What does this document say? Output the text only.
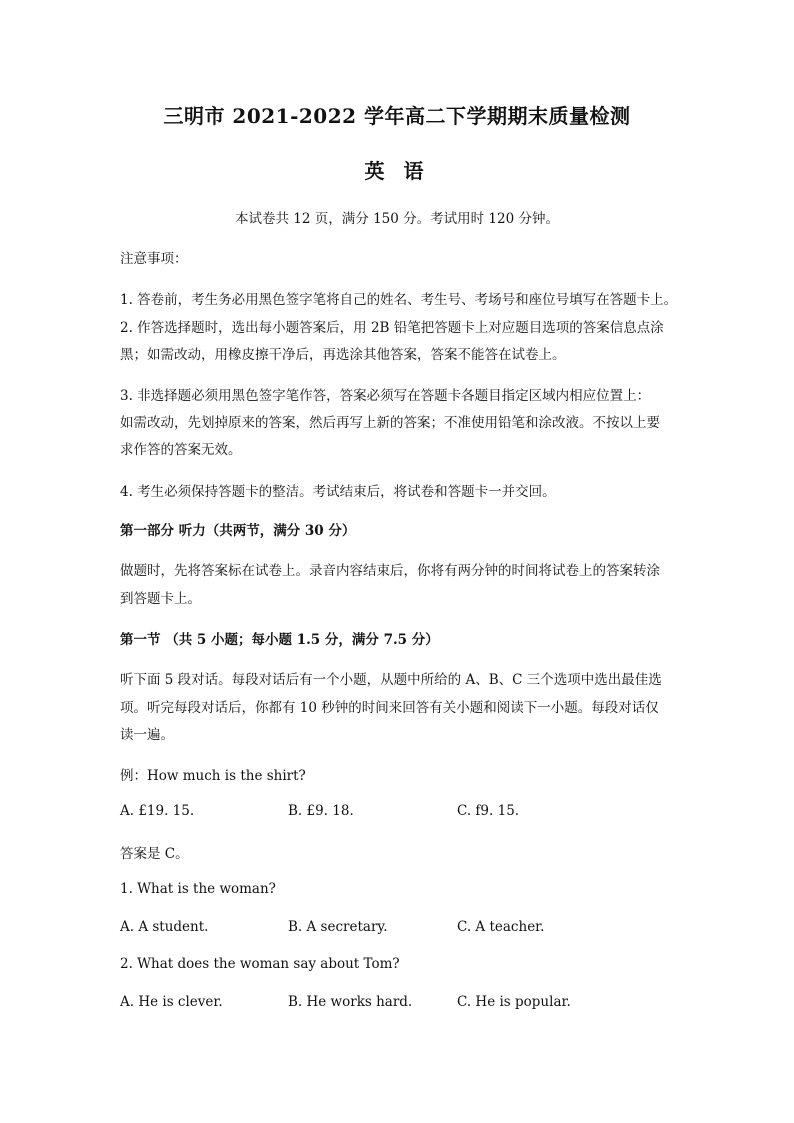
三明市 2021-2022 学年高二下学期期末质量检测
英 语
本试卷共 12 页，满分 150 分。考试用时 120 分钟。
注意事项：
1. 答卷前，考生务必用黑色签字笔将自己的姓名、考生号、考场号和座位号填写在答题卡上。
2. 作答选择题时，选出每小题答案后，用 2B 铅笔把答题卡上对应题目选项的答案信息点涂
黑；如需改动，用橡皮擦干净后，再选涂其他答案，答案不能答在试卷上。
3. 非选择题必须用黑色签字笔作答，答案必须写在答题卡各题目指定区域内相应位置上：
如需改动，先划掉原来的答案，然后再写上新的答案；不准使用铅笔和涂改液。不按以上要
求作答的答案无效。
4. 考生必须保持答题卡的整洁。考试结束后，将试卷和答题卡一并交回。
第一部分 听力（共两节，满分 30 分）
做题时，先将答案标在试卷上。录音内容结束后，你将有两分钟的时间将试卷上的答案转涂
到答题卡上。
第一节 （共 5 小题；每小题 1.5 分，满分 7.5 分）
听下面 5 段对话。每段对话后有一个小题，从题中所给的 A、B、C 三个选项中选出最佳选
项。听完每段对话后，你都有 10 秒钟的时间来回答有关小题和阅读下一小题。每段对话仅
读一遍。
例：How much is the shirt?
A. £19. 15.	B. £9. 18.	C. f9. 15.
答案是 C。
1. What is the woman?
A. A student.	B. A secretary.	C. A teacher.
2. What does the woman say about Tom?
A. He is clever.	B. He works hard.	C. He is popular.
